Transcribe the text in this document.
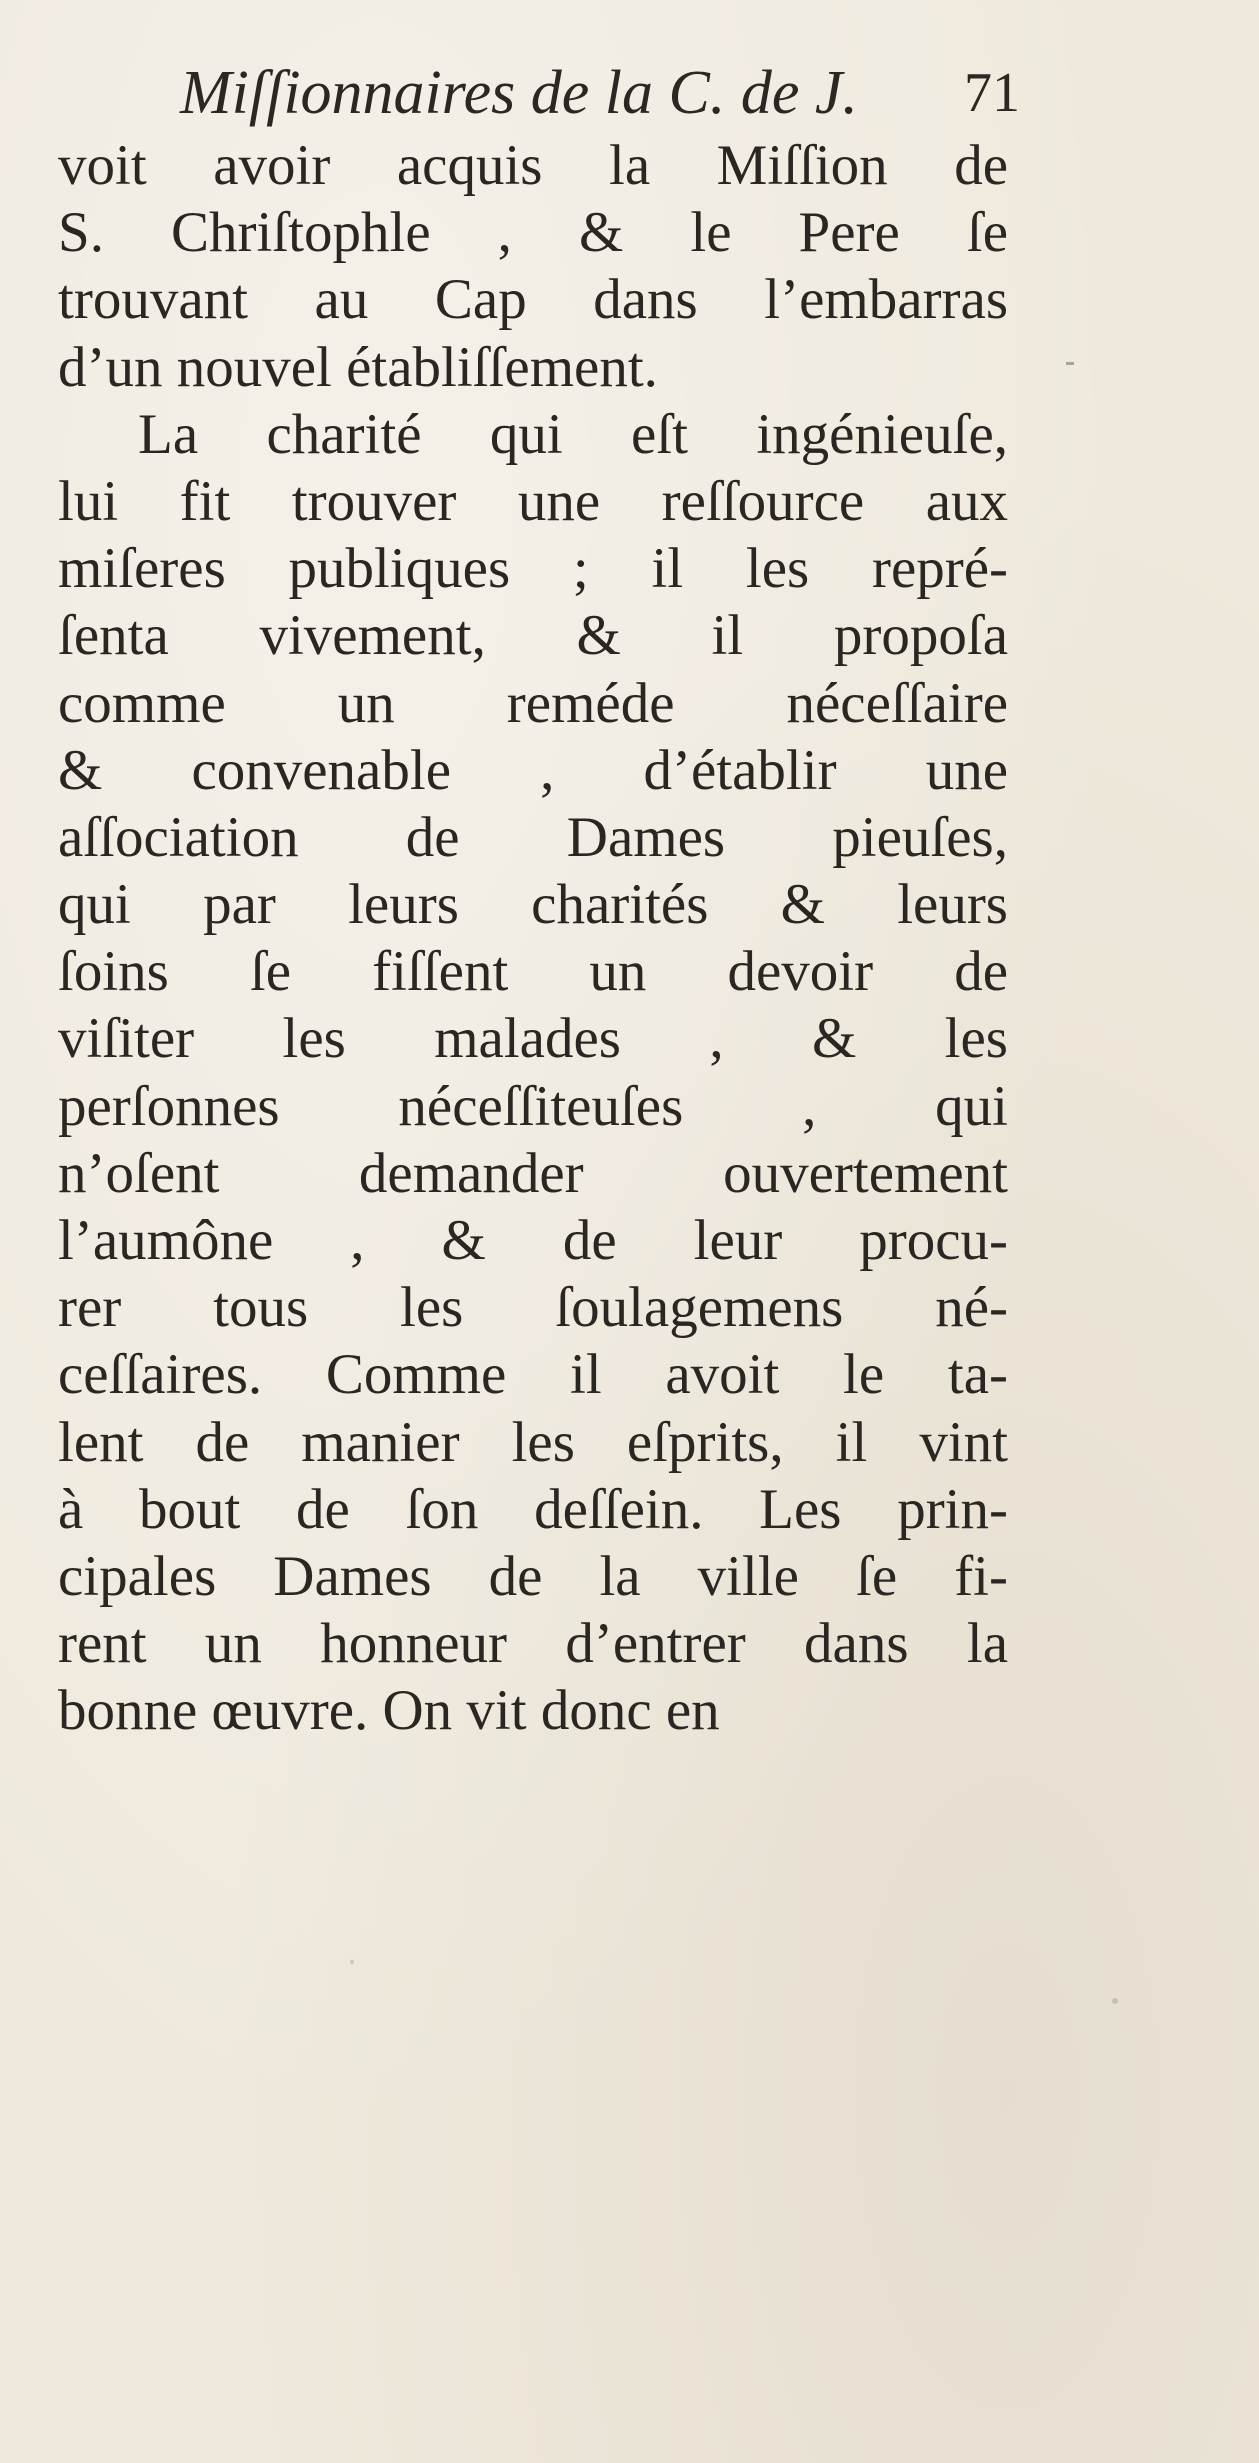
Miſſionnaires de la C. de J. 71
voit avoir acquis la Miſſion de
S. Chriſtophle , & le Pere ſe
trouvant au Cap dans l’embarras
d’un nouvel établiſſement.
La charité qui eſt ingénieuſe,
lui fit trouver une reſſource aux
miſeres publiques ; il les repré-
ſenta vivement, & il propoſa
comme un reméde néceſſaire
& convenable , d’établir une
aſſociation de Dames pieuſes,
qui par leurs charités & leurs
ſoins ſe fiſſent un devoir de
viſiter les malades , & les
perſonnes néceſſiteuſes , qui
n’oſent demander ouvertement
l’aumône , & de leur procu-
rer tous les ſoulagemens né-
ceſſaires. Comme il avoit le ta-
lent de manier les eſprits, il vint
à bout de ſon deſſein. Les prin-
cipales Dames de la ville ſe fi-
rent un honneur d’entrer dans la
bonne œuvre. On vit donc en
